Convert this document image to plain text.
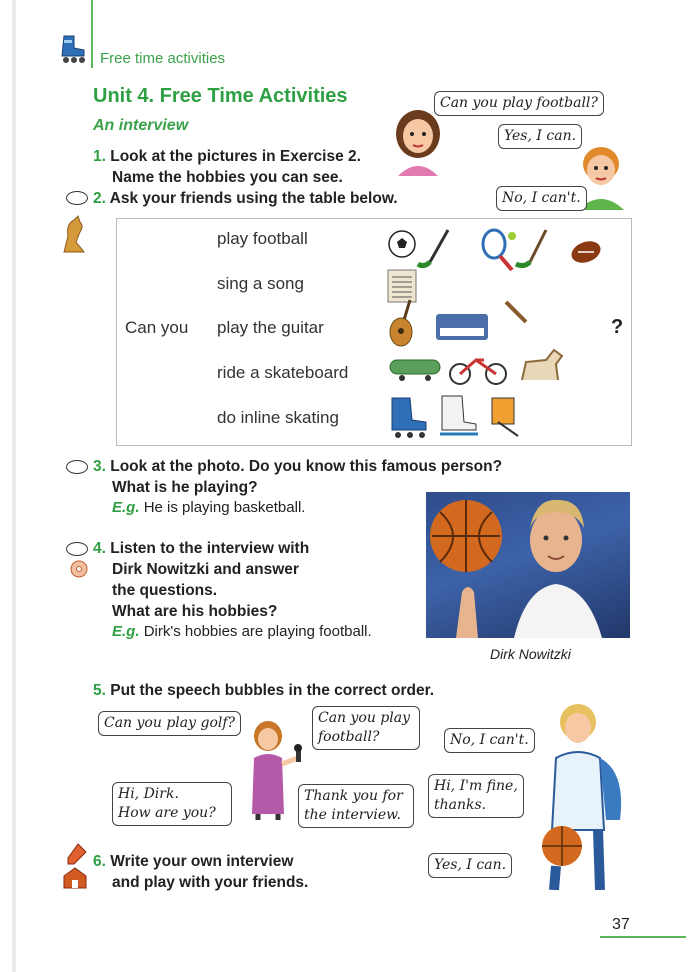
Free time activities
Unit 4. Free Time Activities
An interview
1. Look at the pictures in Exercise 2.
Name the hobbies you can see.
Can you play football?
Yes, I can.
No, I can't.
2. Ask your friends using the table below.
Can you
play football
sing a song
play the guitar
ride a skateboard
do inline skating
?
3. Look at the photo. Do you know this famous person?
What is he playing?
E.g. He is playing basketball.
Dirk Nowitzki
4. Listen to the interview with
Dirk Nowitzki and answer
the questions.
What are his hobbies?
E.g. Dirk's hobbies are playing football.
5. Put the speech bubbles in the correct order.
Can you play golf?	Can you play
football?	No, I can't.
Hi, Dirk.
How are you?
Thank you for
the interview.
Hi, I'm fine,
thanks.
Yes, I can.
6. Write your own interview
and play with your friends.
37
